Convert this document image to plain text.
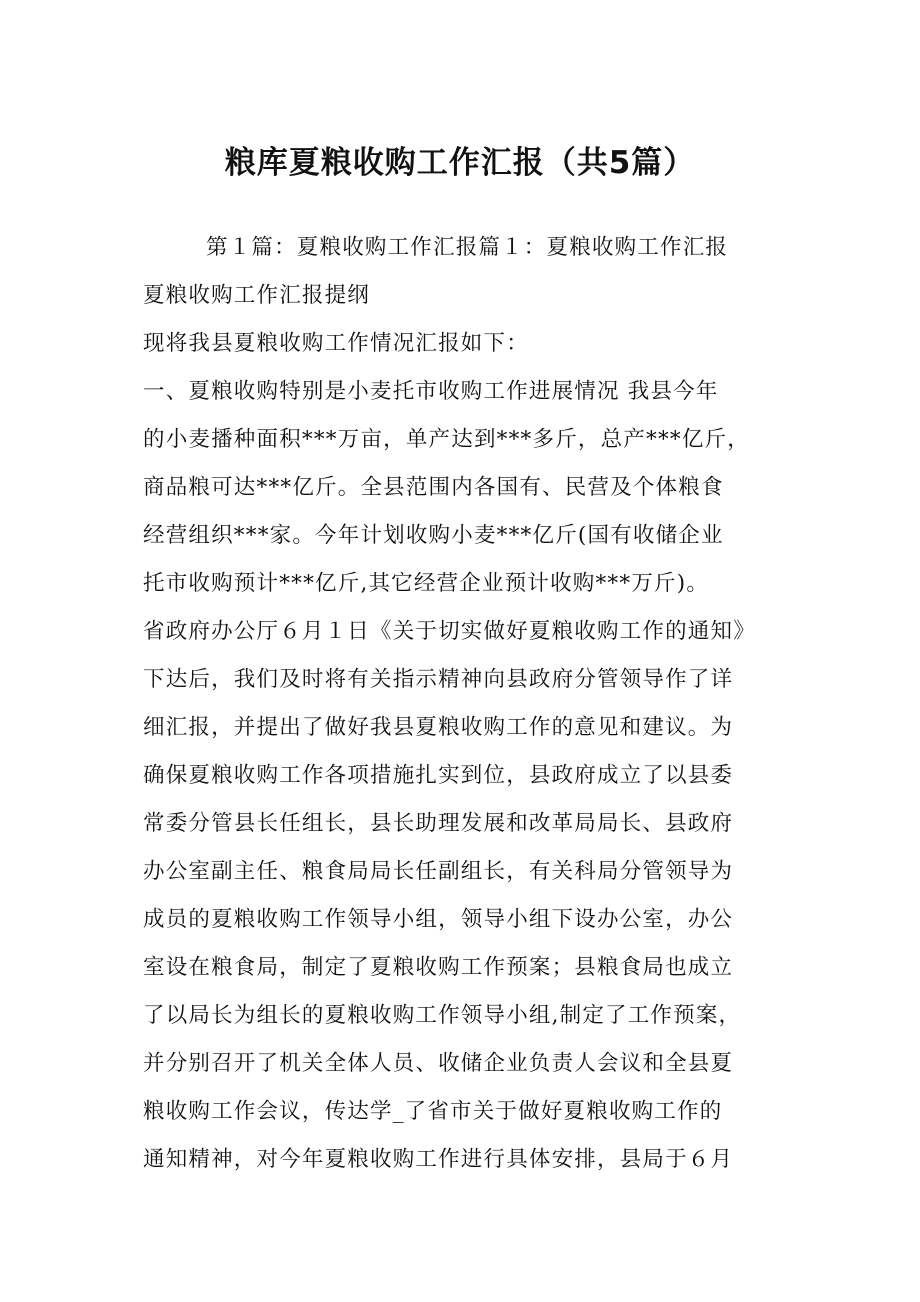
粮库夏粮收购工作汇报（共5篇）
第１篇：夏粮收购工作汇报篇１：夏粮收购工作汇报
夏粮收购工作汇报提纲
现将我县夏粮收购工作情况汇报如下：
一、夏粮收购特别是小麦托市收购工作进展情况 我县今年
的小麦播种面积***万亩，单产达到***多斤，总产***亿斤，
商品粮可达***亿斤。全县范围内各国有、民营及个体粮食
经营组织***家。今年计划收购小麦***亿斤(国有收储企业
托市收购预计***亿斤,其它经营企业预计收购***万斤)。
省政府办公厅６月１日《关于切实做好夏粮收购工作的通知》
下达后，我们及时将有关指示精神向县政府分管领导作了详
细汇报，并提出了做好我县夏粮收购工作的意见和建议。为
确保夏粮收购工作各项措施扎实到位，县政府成立了以县委
常委分管县长任组长，县长助理发展和改革局局长、县政府
办公室副主任、粮食局局长任副组长，有关科局分管领导为
成员的夏粮收购工作领导小组，领导小组下设办公室，办公
室设在粮食局，制定了夏粮收购工作预案；县粮食局也成立
了以局长为组长的夏粮收购工作领导小组,制定了工作预案，
并分别召开了机关全体人员、收储企业负责人会议和全县夏
粮收购工作会议，传达学_了省市关于做好夏粮收购工作的
通知精神，对今年夏粮收购工作进行具体安排，县局于６月
